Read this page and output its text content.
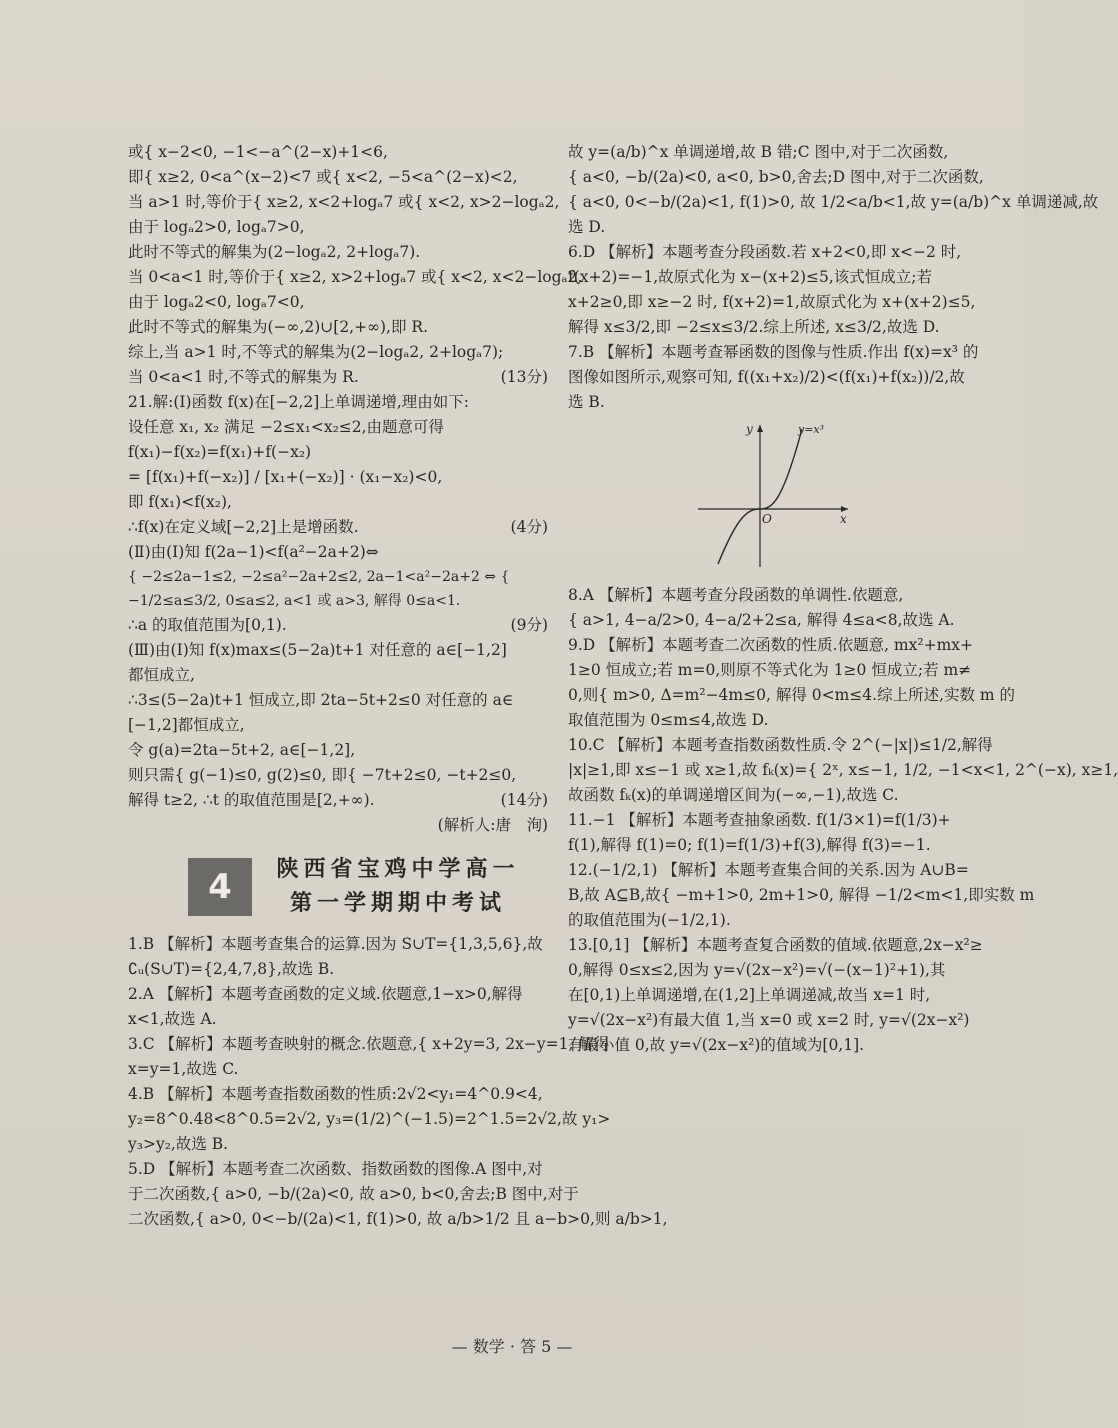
或{ x−2<0, −1<−a^(2−x)+1<6,
即{ x≥2, 0<a^(x−2)<7 或{ x<2, −5<a^(2−x)<2,
当 a>1 时,等价于{ x≥2, x<2+logₐ7 或{ x<2, x>2−logₐ2,
由于 logₐ2>0, logₐ7>0,
此时不等式的解集为(2−logₐ2, 2+logₐ7).
当 0<a<1 时,等价于{ x≥2, x>2+logₐ7 或{ x<2, x<2−logₐ2,
由于 logₐ2<0, logₐ7<0,
此时不等式的解集为(−∞,2)∪[2,+∞),即 R.
综上,当 a>1 时,不等式的解集为(2−logₐ2, 2+logₐ7);
当 0<a<1 时,不等式的解集为 R.	(13分)
21.解:(Ⅰ)函数 f(x)在[−2,2]上单调递增,理由如下:
设任意 x₁, x₂ 满足 −2≤x₁<x₂≤2,由题意可得
f(x₁)−f(x₂)=f(x₁)+f(−x₂)
= [f(x₁)+f(−x₂)] / [x₁+(−x₂)] · (x₁−x₂)<0,
即 f(x₁)<f(x₂),
∴f(x)在定义域[−2,2]上是增函数.	(4分)
(Ⅱ)由(Ⅰ)知 f(2a−1)<f(a²−2a+2)⇔
{ −2≤2a−1≤2, −2≤a²−2a+2≤2, 2a−1<a²−2a+2 ⇔ { −1/2≤a≤3/2, 0≤a≤2, a<1 或 a>3, 解得 0≤a<1.
∴a 的取值范围为[0,1).	(9分)
(Ⅲ)由(Ⅰ)知 f(x)max≤(5−2a)t+1 对任意的 a∈[−1,2]
都恒成立,
∴3≤(5−2a)t+1 恒成立,即 2ta−5t+2≤0 对任意的 a∈
[−1,2]都恒成立,
令 g(a)=2ta−5t+2, a∈[−1,2],
则只需{ g(−1)≤0, g(2)≤0, 即{ −7t+2≤0, −t+2≤0,
解得 t≥2, ∴t 的取值范围是[2,+∞).	(14分)
(解析人:唐　洵)
4	陕西省宝鸡中学高一
第一学期期中考试
1.B 【解析】本题考查集合的运算.因为 S∪T={1,3,5,6},故
∁ᵤ(S∪T)={2,4,7,8},故选 B.
2.A 【解析】本题考查函数的定义域.依题意,1−x>0,解得
x<1,故选 A.
3.C 【解析】本题考查映射的概念.依题意,{ x+2y=3, 2x−y=1, 解得
x=y=1,故选 C.
4.B 【解析】本题考查指数函数的性质:2√2<y₁=4^0.9<4,
y₂=8^0.48<8^0.5=2√2, y₃=(1/2)^(−1.5)=2^1.5=2√2,故 y₁>
y₃>y₂,故选 B.
5.D 【解析】本题考查二次函数、指数函数的图像.A 图中,对
于二次函数,{ a>0, −b/(2a)<0, 故 a>0, b<0,舍去;B 图中,对于
二次函数,{ a>0, 0<−b/(2a)<1, f(1)>0, 故 a/b>1/2 且 a−b>0,则 a/b>1,
故 y=(a/b)^x 单调递增,故 B 错;C 图中,对于二次函数,
{ a<0, −b/(2a)<0, a<0, b>0,舍去;D 图中,对于二次函数,
{ a<0, 0<−b/(2a)<1, f(1)>0, 故 1/2<a/b<1,故 y=(a/b)^x 单调递减,故
选 D.
6.D 【解析】本题考查分段函数.若 x+2<0,即 x<−2 时,
f(x+2)=−1,故原式化为 x−(x+2)≤5,该式恒成立;若
x+2≥0,即 x≥−2 时, f(x+2)=1,故原式化为 x+(x+2)≤5,
解得 x≤3/2,即 −2≤x≤3/2.综上所述, x≤3/2,故选 D.
7.B 【解析】本题考查幂函数的图像与性质.作出 f(x)=x³ 的
图像如图所示,观察可知, f((x₁+x₂)/2)<(f(x₁)+f(x₂))/2,故
选 B.
y=x³
x
y
O
8.A 【解析】本题考查分段函数的单调性.依题意,
{ a>1, 4−a/2>0, 4−a/2+2≤a, 解得 4≤a<8,故选 A.
9.D 【解析】本题考查二次函数的性质.依题意, mx²+mx+
1≥0 恒成立;若 m=0,则原不等式化为 1≥0 恒成立;若 m≠
0,则{ m>0, Δ=m²−4m≤0, 解得 0<m≤4.综上所述,实数 m 的
取值范围为 0≤m≤4,故选 D.
10.C 【解析】本题考查指数函数性质.令 2^(−|x|)≤1/2,解得
|x|≥1,即 x≤−1 或 x≥1,故 fₖ(x)={ 2ˣ, x≤−1, 1/2, −1<x<1, 2^(−x), x≥1,
故函数 fₖ(x)的单调递增区间为(−∞,−1),故选 C.
11.−1 【解析】本题考查抽象函数. f(1/3×1)=f(1/3)+
f(1),解得 f(1)=0; f(1)=f(1/3)+f(3),解得 f(3)=−1.
12.(−1/2,1) 【解析】本题考查集合间的关系.因为 A∪B=
B,故 A⊆B,故{ −m+1>0, 2m+1>0, 解得 −1/2<m<1,即实数 m
的取值范围为(−1/2,1).
13.[0,1] 【解析】本题考查复合函数的值域.依题意,2x−x²≥
0,解得 0≤x≤2,因为 y=√(2x−x²)=√(−(x−1)²+1),其
在[0,1)上单调递增,在(1,2]上单调递减,故当 x=1 时,
y=√(2x−x²)有最大值 1,当 x=0 或 x=2 时, y=√(2x−x²)
有最小值 0,故 y=√(2x−x²)的值域为[0,1].
— 数学 · 答 5 —
